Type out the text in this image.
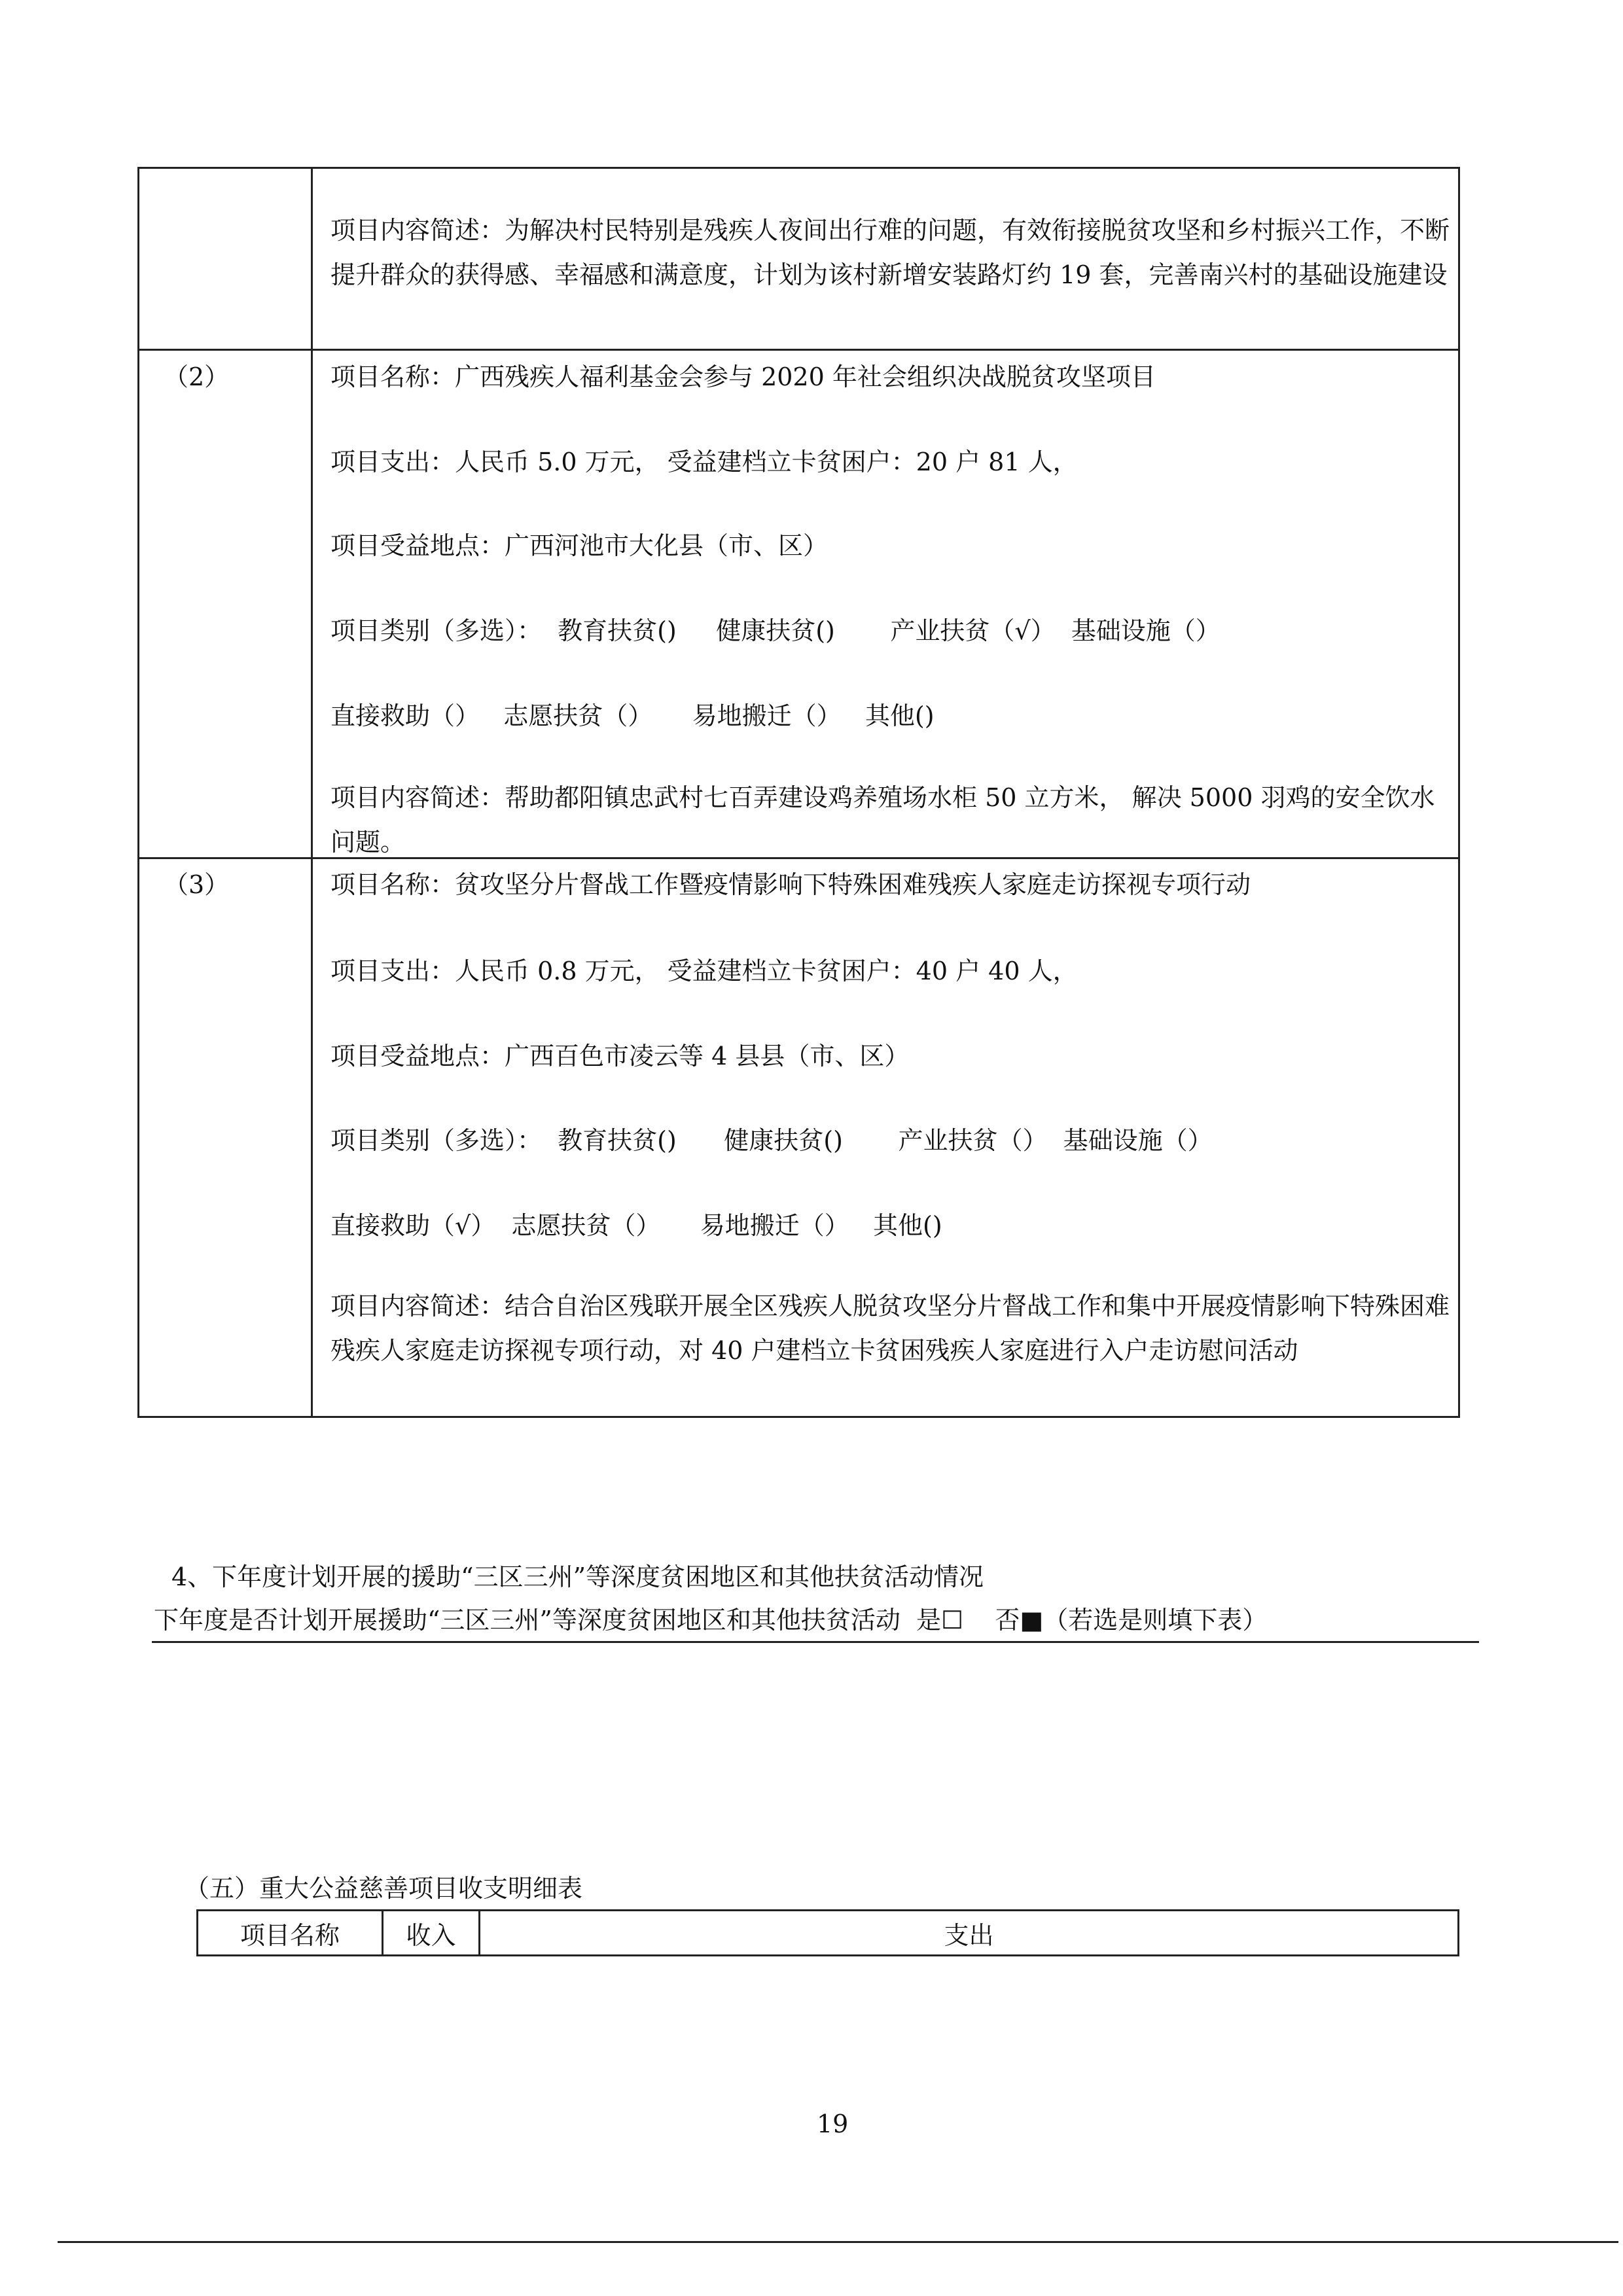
项目内容简述：为解决村民特别是残疾人夜间出行难的问题，有效衔接脱贫攻坚和乡村振兴工作，不断提升群众的获得感、幸福感和满意度，计划为该村新增安装路灯约 19 套，完善南兴村的基础设施建设
（2）	项目名称：广西残疾人福利基金会参与 2020 年社会组织决战脱贫攻坚项目
项目支出：人民币 5.0 万元， 受益建档立卡贫困户：20 户 81 人，
项目受益地点：广西河池市大化县（市、区）
项目类别（多选）：  教育扶贫()     健康扶贫()       产业扶贫（√）  基础设施（）
直接救助（）   志愿扶贫（）     易地搬迁（）   其他()
项目内容简述：帮助都阳镇忠武村七百弄建设鸡养殖场水柜 50 立方米， 解决 5000 羽鸡的安全饮水问题。
（3）	项目名称：贫攻坚分片督战工作暨疫情影响下特殊困难残疾人家庭走访探视专项行动
项目支出：人民币 0.8 万元， 受益建档立卡贫困户：40 户 40 人，
项目受益地点：广西百色市凌云等 4 县县（市、区）
项目类别（多选）：  教育扶贫()      健康扶贫()       产业扶贫（）  基础设施（）
直接救助（√）  志愿扶贫（）     易地搬迁（）   其他()
项目内容简述：结合自治区残联开展全区残疾人脱贫攻坚分片督战工作和集中开展疫情影响下特殊困难残疾人家庭走访探视专项行动，对 40 户建档立卡贫困残疾人家庭进行入户走访慰问活动
4、下年度计划开展的援助“三区三州”等深度贫困地区和其他扶贫活动情况
下年度是否计划开展援助“三区三州”等深度贫困地区和其他扶贫活动  是☐    否■（若选是则填下表）
（五）重大公益慈善项目收支明细表
项目名称	收入	支出
19
